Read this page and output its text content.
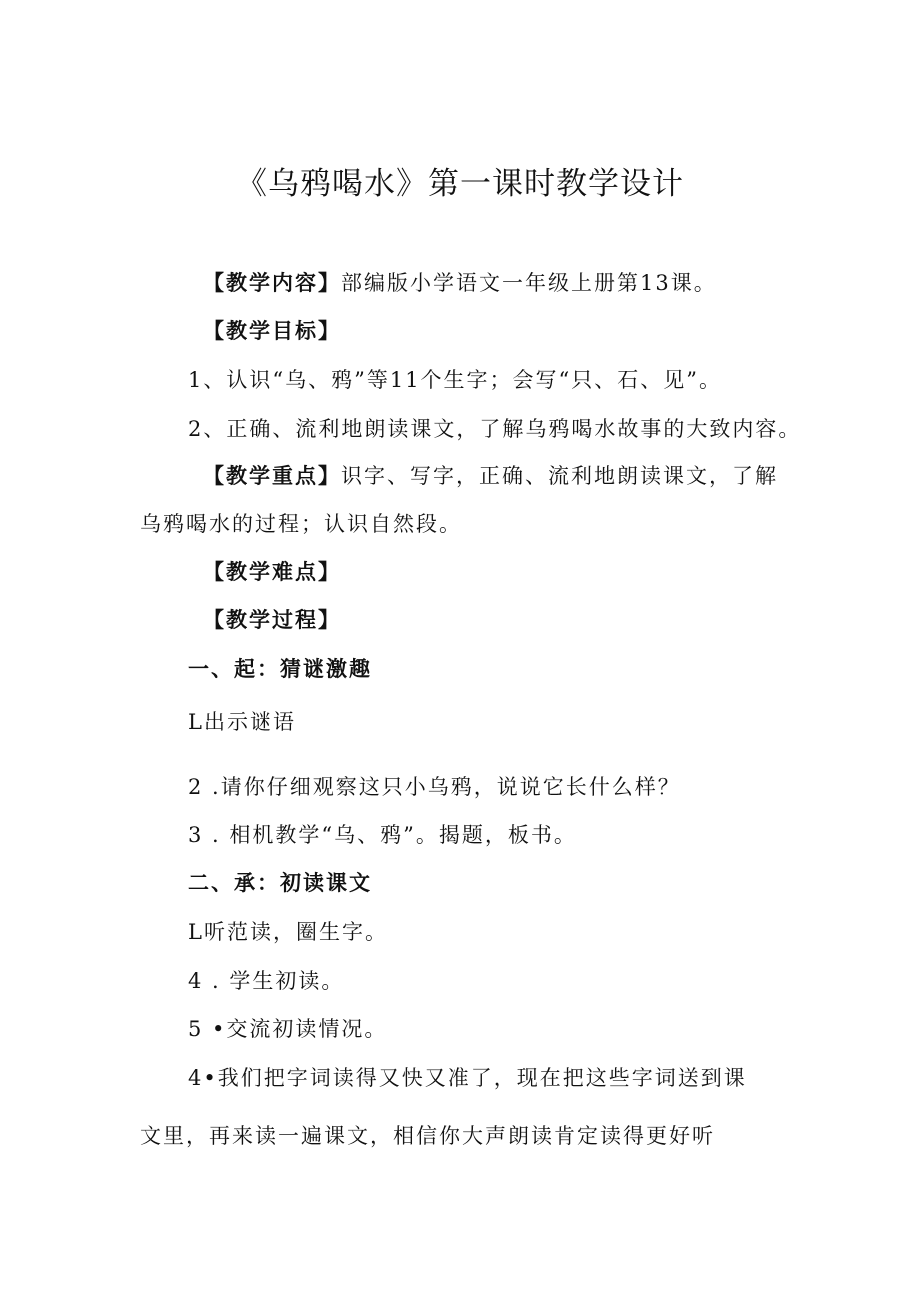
《乌鸦喝水》第一课时教学设计
【教学内容】部编版小学语文一年级上册第13课。
【教学目标】
1、认识“乌、鸦”等11个生字；会写“只、石、见”。
2、正确、流利地朗读课文，了解乌鸦喝水故事的大致内容。
【教学重点】识字、写字，正确、流利地朗读课文，了解
乌鸦喝水的过程；认识自然段。
【教学难点】
【教学过程】
一、起：猜谜激趣
L出示谜语
2 .请你仔细观察这只小乌鸦，说说它长什么样？
3 . 相机教学“乌、鸦”。揭题，板书。
二、承：初读课文
L听范读，圈生字。
4 . 学生初读。
5 •交流初读情况。
4•我们把字词读得又快又准了，现在把这些字词送到课
文里，再来读一遍课文，相信你大声朗读肯定读得更好听
